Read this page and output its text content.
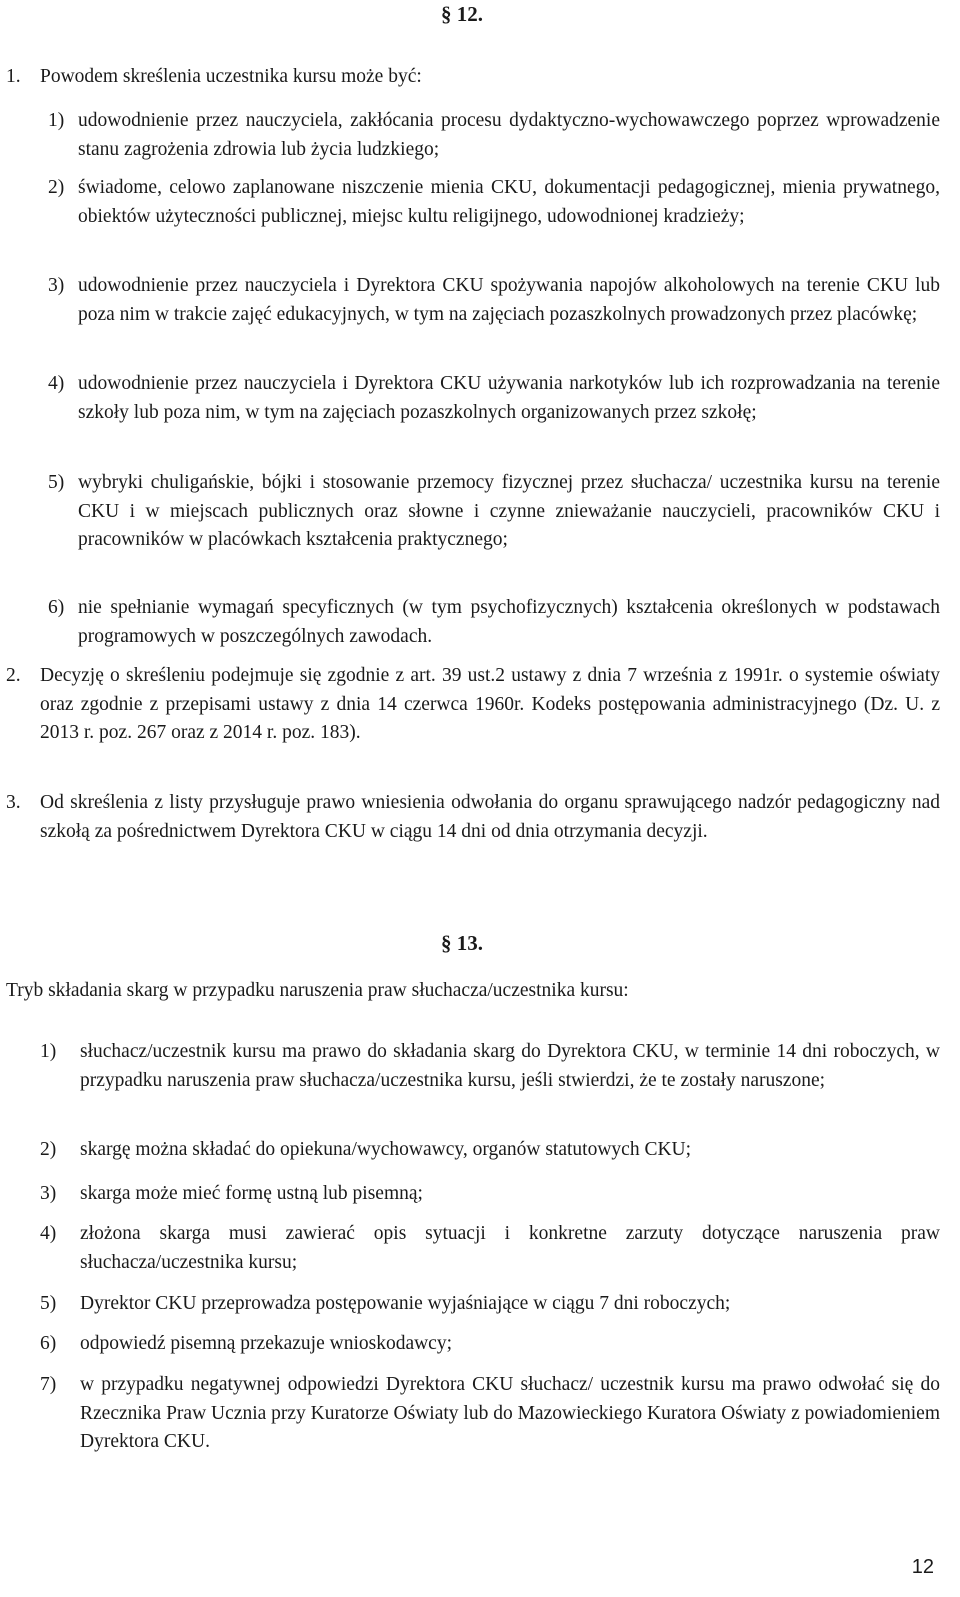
§ 12.
1. Powodem skreślenia uczestnika kursu może być:
1) udowodnienie przez nauczyciela, zakłócania procesu dydaktyczno-wychowawczego poprzez wprowadzenie stanu zagrożenia zdrowia lub życia ludzkiego;
2) świadome, celowo zaplanowane niszczenie mienia CKU, dokumentacji pedagogicznej, mienia prywatnego, obiektów użyteczności publicznej, miejsc kultu religijnego, udowodnionej kradzieży;
3) udowodnienie przez nauczyciela i Dyrektora CKU spożywania napojów alkoholowych na terenie CKU lub poza nim w trakcie zajęć edukacyjnych, w tym na zajęciach pozaszkolnych prowadzonych przez placówkę;
4) udowodnienie przez nauczyciela i Dyrektora CKU używania narkotyków lub ich rozprowadzania na terenie szkoły lub poza nim, w tym na zajęciach pozaszkolnych organizowanych przez szkołę;
5) wybryki chuligańskie, bójki i stosowanie przemocy fizycznej przez słuchacza/ uczestnika kursu na terenie CKU i w miejscach publicznych oraz słowne i czynne znieważanie nauczycieli, pracowników CKU i pracowników w placówkach kształcenia praktycznego;
6) nie spełnianie wymagań specyficznych (w tym psychofizycznych) kształcenia określonych w podstawach programowych w poszczególnych zawodach.
2. Decyzję o skreśleniu podejmuje się zgodnie z art. 39 ust.2 ustawy z dnia 7 września z 1991r. o systemie oświaty oraz zgodnie z przepisami ustawy z dnia 14 czerwca 1960r. Kodeks postępowania administracyjnego (Dz. U. z 2013 r. poz. 267 oraz z 2014 r. poz. 183).
3. Od skreślenia z listy przysługuje prawo wniesienia odwołania do organu sprawującego nadzór pedagogiczny nad szkołą za pośrednictwem Dyrektora CKU w ciągu 14 dni od dnia otrzymania decyzji.
§ 13.
Tryb składania skarg w przypadku naruszenia praw słuchacza/uczestnika kursu:
1) słuchacz/uczestnik kursu ma prawo do składania skarg do Dyrektora CKU, w terminie 14 dni roboczych, w przypadku naruszenia praw słuchacza/uczestnika kursu, jeśli stwierdzi, że te zostały naruszone;
2) skargę można składać do opiekuna/wychowawcy, organów statutowych CKU;
3) skarga może mieć formę ustną lub pisemną;
4) złożona skarga musi zawierać opis sytuacji i konkretne zarzuty dotyczące naruszenia praw słuchacza/uczestnika kursu;
5) Dyrektor CKU przeprowadza postępowanie wyjaśniające w ciągu 7 dni roboczych;
6) odpowiedź pisemną przekazuje wnioskodawcy;
7) w przypadku negatywnej odpowiedzi Dyrektora CKU słuchacz/ uczestnik kursu ma prawo odwołać się do Rzecznika Praw Ucznia przy Kuratorze Oświaty lub do Mazowieckiego Kuratora Oświaty z powiadomieniem Dyrektora CKU.
12
